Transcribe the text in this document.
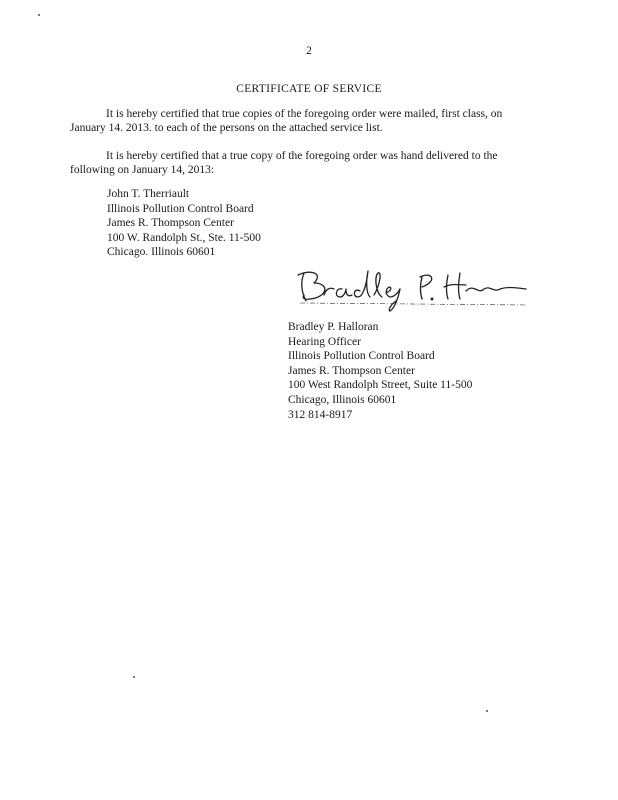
2
CERTIFICATE OF SERVICE

It is hereby certified that true copies of the foregoing order were mailed, first class, on

January 14. 2013. to each of the persons on the attached service list.

It is hereby certified that a true copy of the foregoing order was hand delivered to the

following on January 14, 2013:

John T. Therriault
Illinois Pollution Control Board
James R. Thompson Center
100 W. Randolph St., Ste. 11-500
Chicago. Illinois 60601
Bradley P. Halloran
Hearing Officer
Illinois Pollution Control Board
James R. Thompson Center
100 West Randolph Street, Suite 11-500
Chicago, Illinois 60601
312 814-8917
